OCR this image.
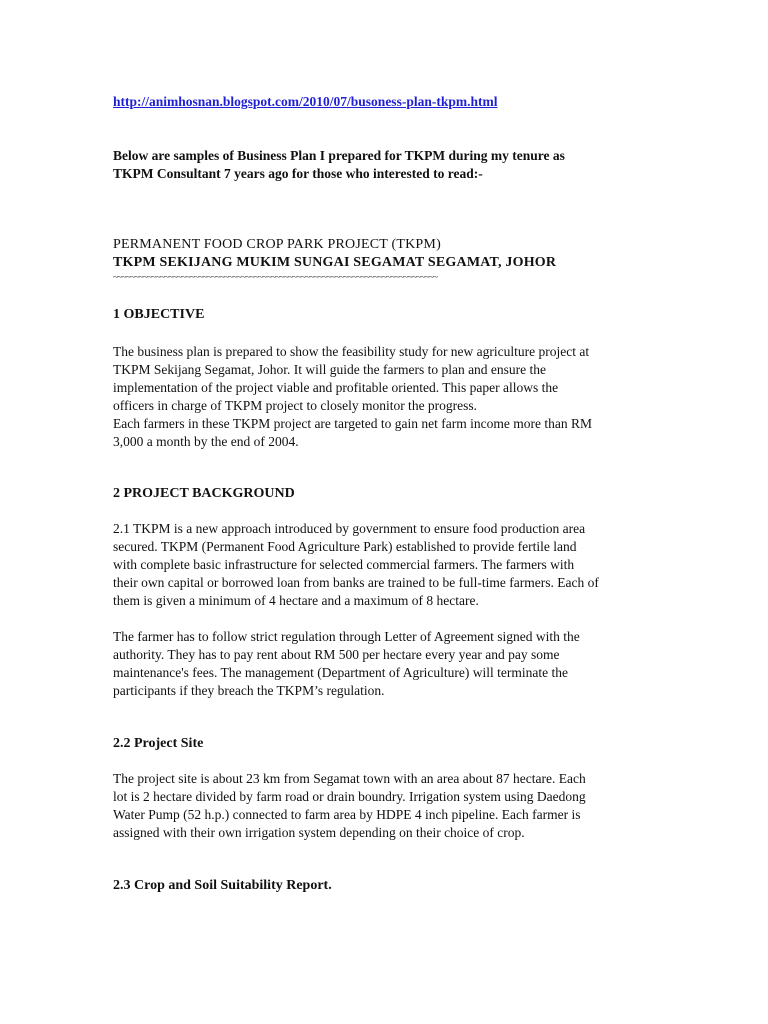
http://animhosnan.blogspot.com/2010/07/busoness-plan-tkpm.html
Below are samples of Business Plan I prepared for TKPM during my tenure as
TKPM Consultant 7 years ago for those who interested to read:-
PERMANENT FOOD CROP PARK PROJECT (TKPM)
TKPM SEKIJANG MUKIM SUNGAI SEGAMAT SEGAMAT, JOHOR
~~~~~~~~~~~~~~~~~~~~~~~~~~~~~~~~~~~~~~~~~~~~~~~~~~~~~~~~~~~~~~~~~~~~~~~~~~~~
1 OBJECTIVE
The business plan is prepared to show the feasibility study for new agriculture project at
TKPM Sekijang Segamat, Johor. It will guide the farmers to plan and ensure the
implementation of the project viable and profitable oriented. This paper allows the
officers in charge of TKPM project to closely monitor the progress.
Each farmers in these TKPM project are targeted to gain net farm income more than RM
3,000 a month by the end of 2004.
2 PROJECT BACKGROUND
2.1 TKPM is a new approach introduced by government to ensure food production area
secured. TKPM (Permanent Food Agriculture Park) established to provide fertile land
with complete basic infrastructure for selected commercial farmers. The farmers with
their own capital or borrowed loan from banks are trained to be full-time farmers. Each of
them is given a minimum of 4 hectare and a maximum of 8 hectare.
The farmer has to follow strict regulation through Letter of Agreement signed with the
authority. They has to pay rent about RM 500 per hectare every year and pay some
maintenance's fees. The management (Department of Agriculture) will terminate the
participants if they breach the TKPM’s regulation.
2.2 Project Site
The project site is about 23 km from Segamat town with an area about 87 hectare. Each
lot is 2 hectare divided by farm road or drain boundry. Irrigation system using Daedong
Water Pump (52 h.p.) connected to farm area by HDPE 4 inch pipeline. Each farmer is
assigned with their own irrigation system depending on their choice of crop.
2.3 Crop and Soil Suitability Report.
